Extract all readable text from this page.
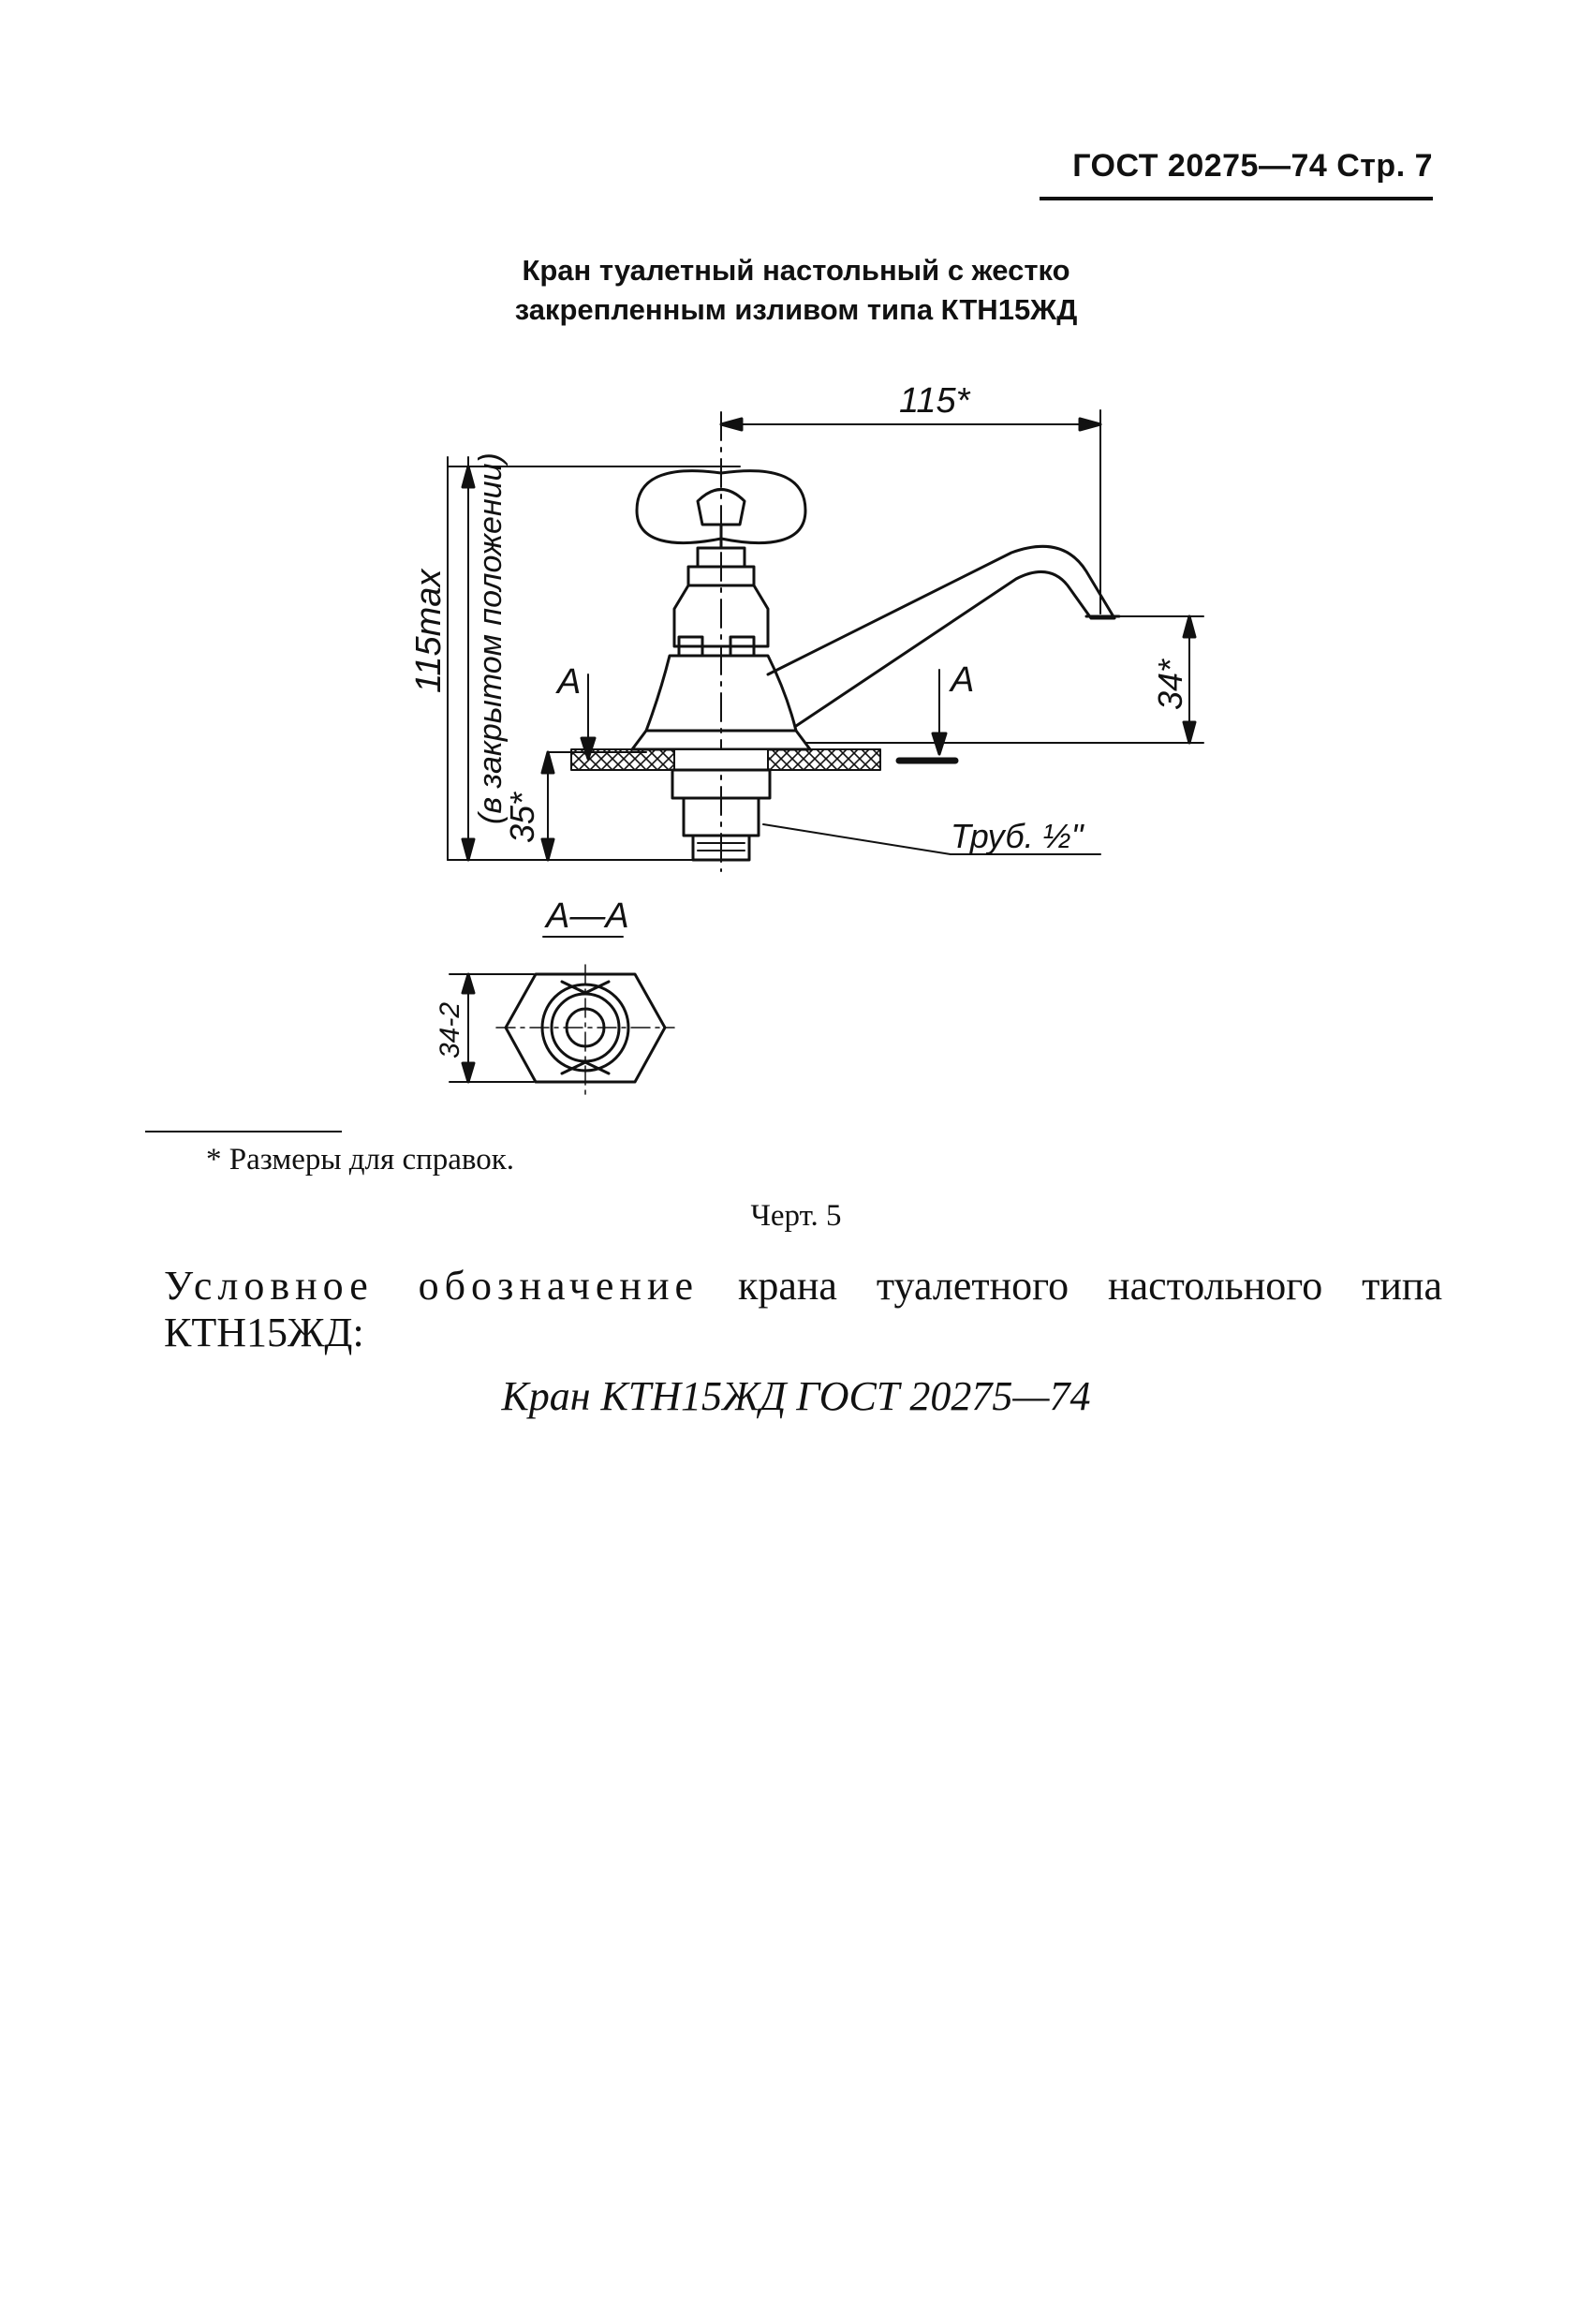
ГОСТ 20275—74 Стр. 7
Кран туалетный настольный с жестко
закрепленным изливом типа КТН15ЖД
115*
115max (в закрытом положении)
35*
34*
А	А
Труб. ½"
А—А
34-2
* Размеры для справок.
Черт. 5
Условное обозначение крана туалетного настольного типа КТН15ЖД:
Кран КТН15ЖД ГОСТ 20275—74
